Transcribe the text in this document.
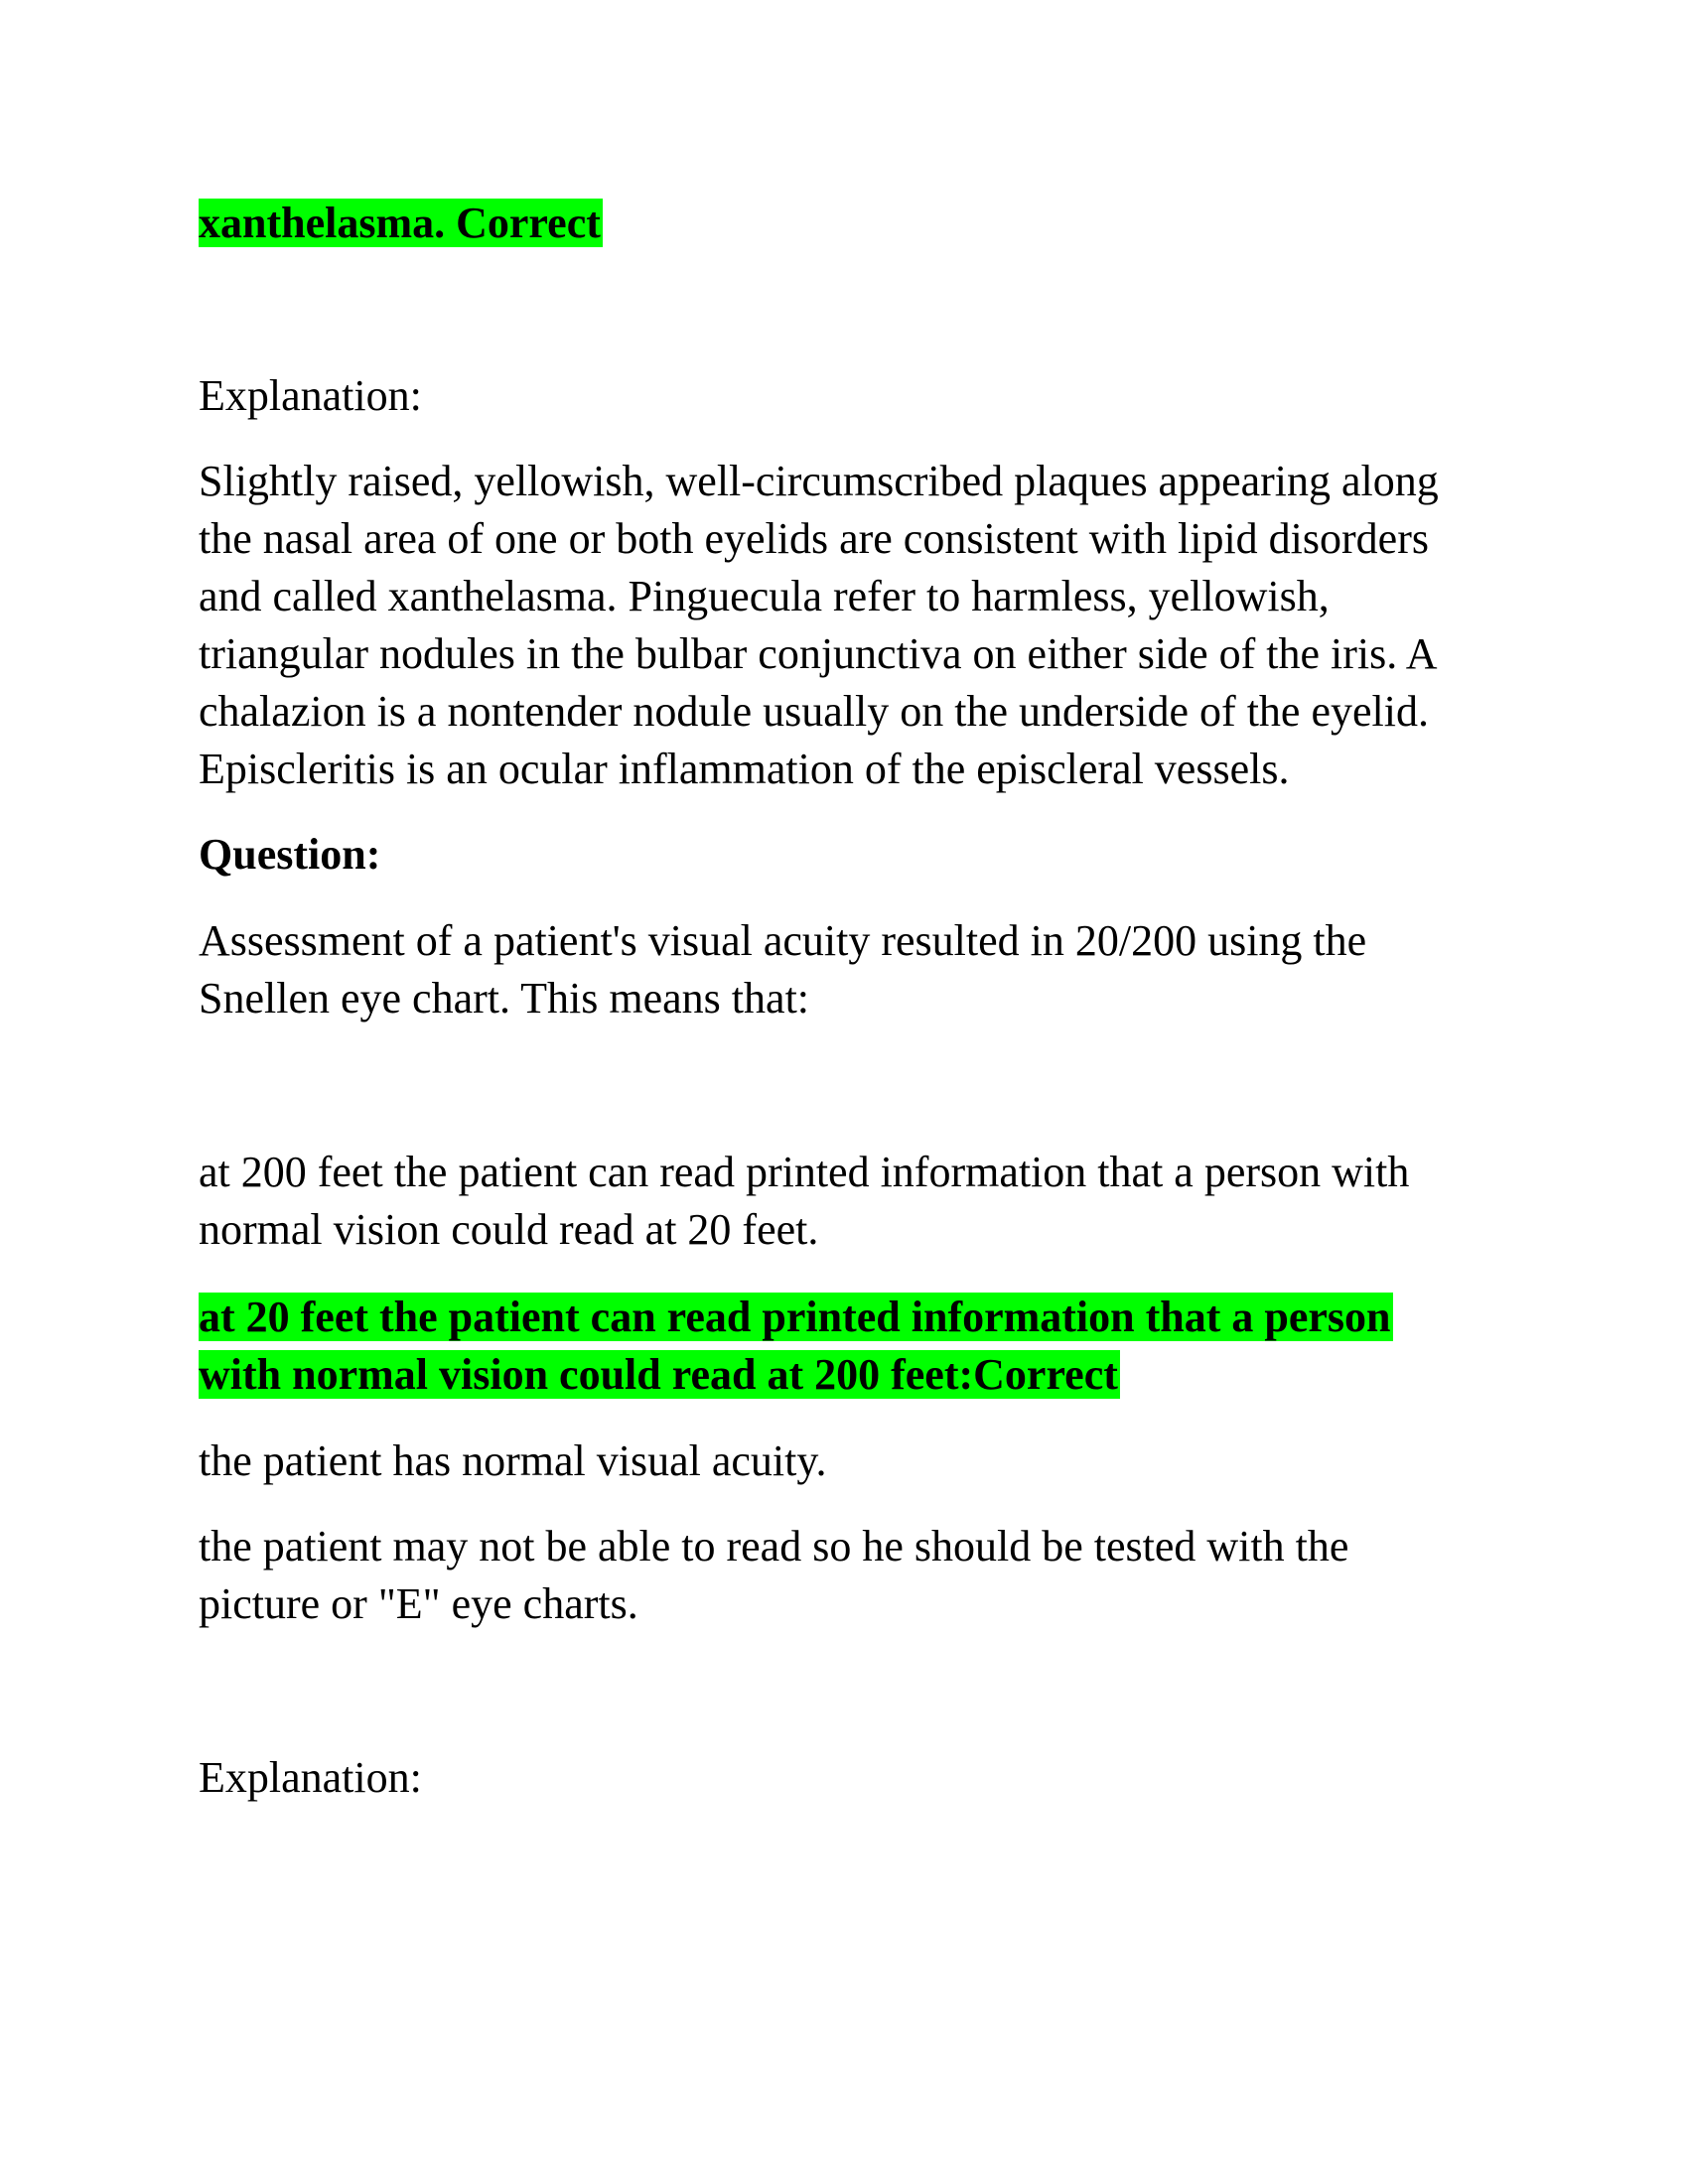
xanthelasma. Correct

Explanation:

Slightly raised, yellowish, well-circumscribed plaques appearing along
the nasal area of one or both eyelids are consistent with lipid disorders
and called xanthelasma. Pinguecula refer to harmless, yellowish,
triangular nodules in the bulbar conjunctiva on either side of the iris. A
chalazion is a nontender nodule usually on the underside of the eyelid.
Episcleritis is an ocular inflammation of the episcleral vessels.

Question:

Assessment of a patient's visual acuity resulted in 20/200 using the
Snellen eye chart. This means that:
at 200 feet the patient can read printed information that a person with
normal vision could read at 20 feet.
at 20 feet the patient can read printed information that a person
with normal vision could read at 200 feet:Correct
the patient has normal visual acuity.
the patient may not be able to read so he should be tested with the
picture or "E" eye charts.

Explanation:
